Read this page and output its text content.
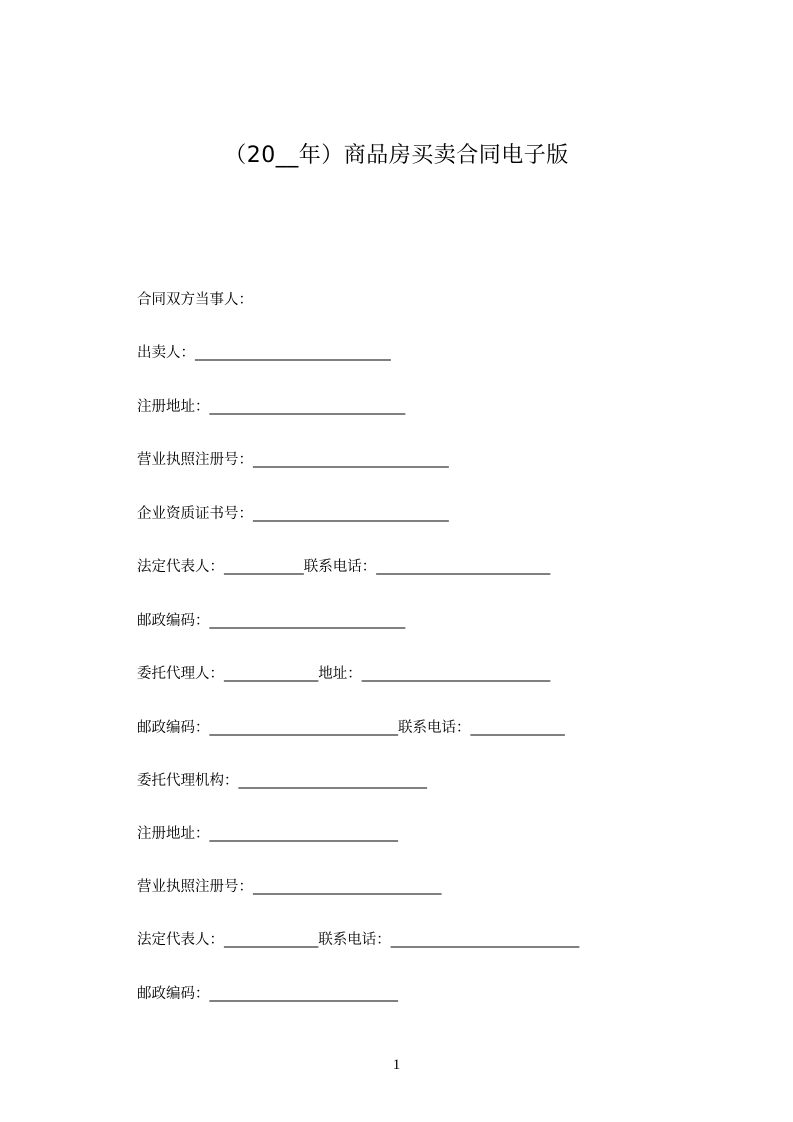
（20__年）商品房买卖合同电子版
合同双方当事人：
出卖人：___________________________
注册地址：___________________________
营业执照注册号：___________________________
企业资质证书号：___________________________
法定代表人：___________联系电话：________________________
邮政编码：___________________________
委托代理人：_____________地址：__________________________
邮政编码：__________________________联系电话：_____________
委托代理机构：__________________________
注册地址：__________________________
营业执照注册号：__________________________
法定代表人：_____________联系电话：__________________________
邮政编码：__________________________
1
